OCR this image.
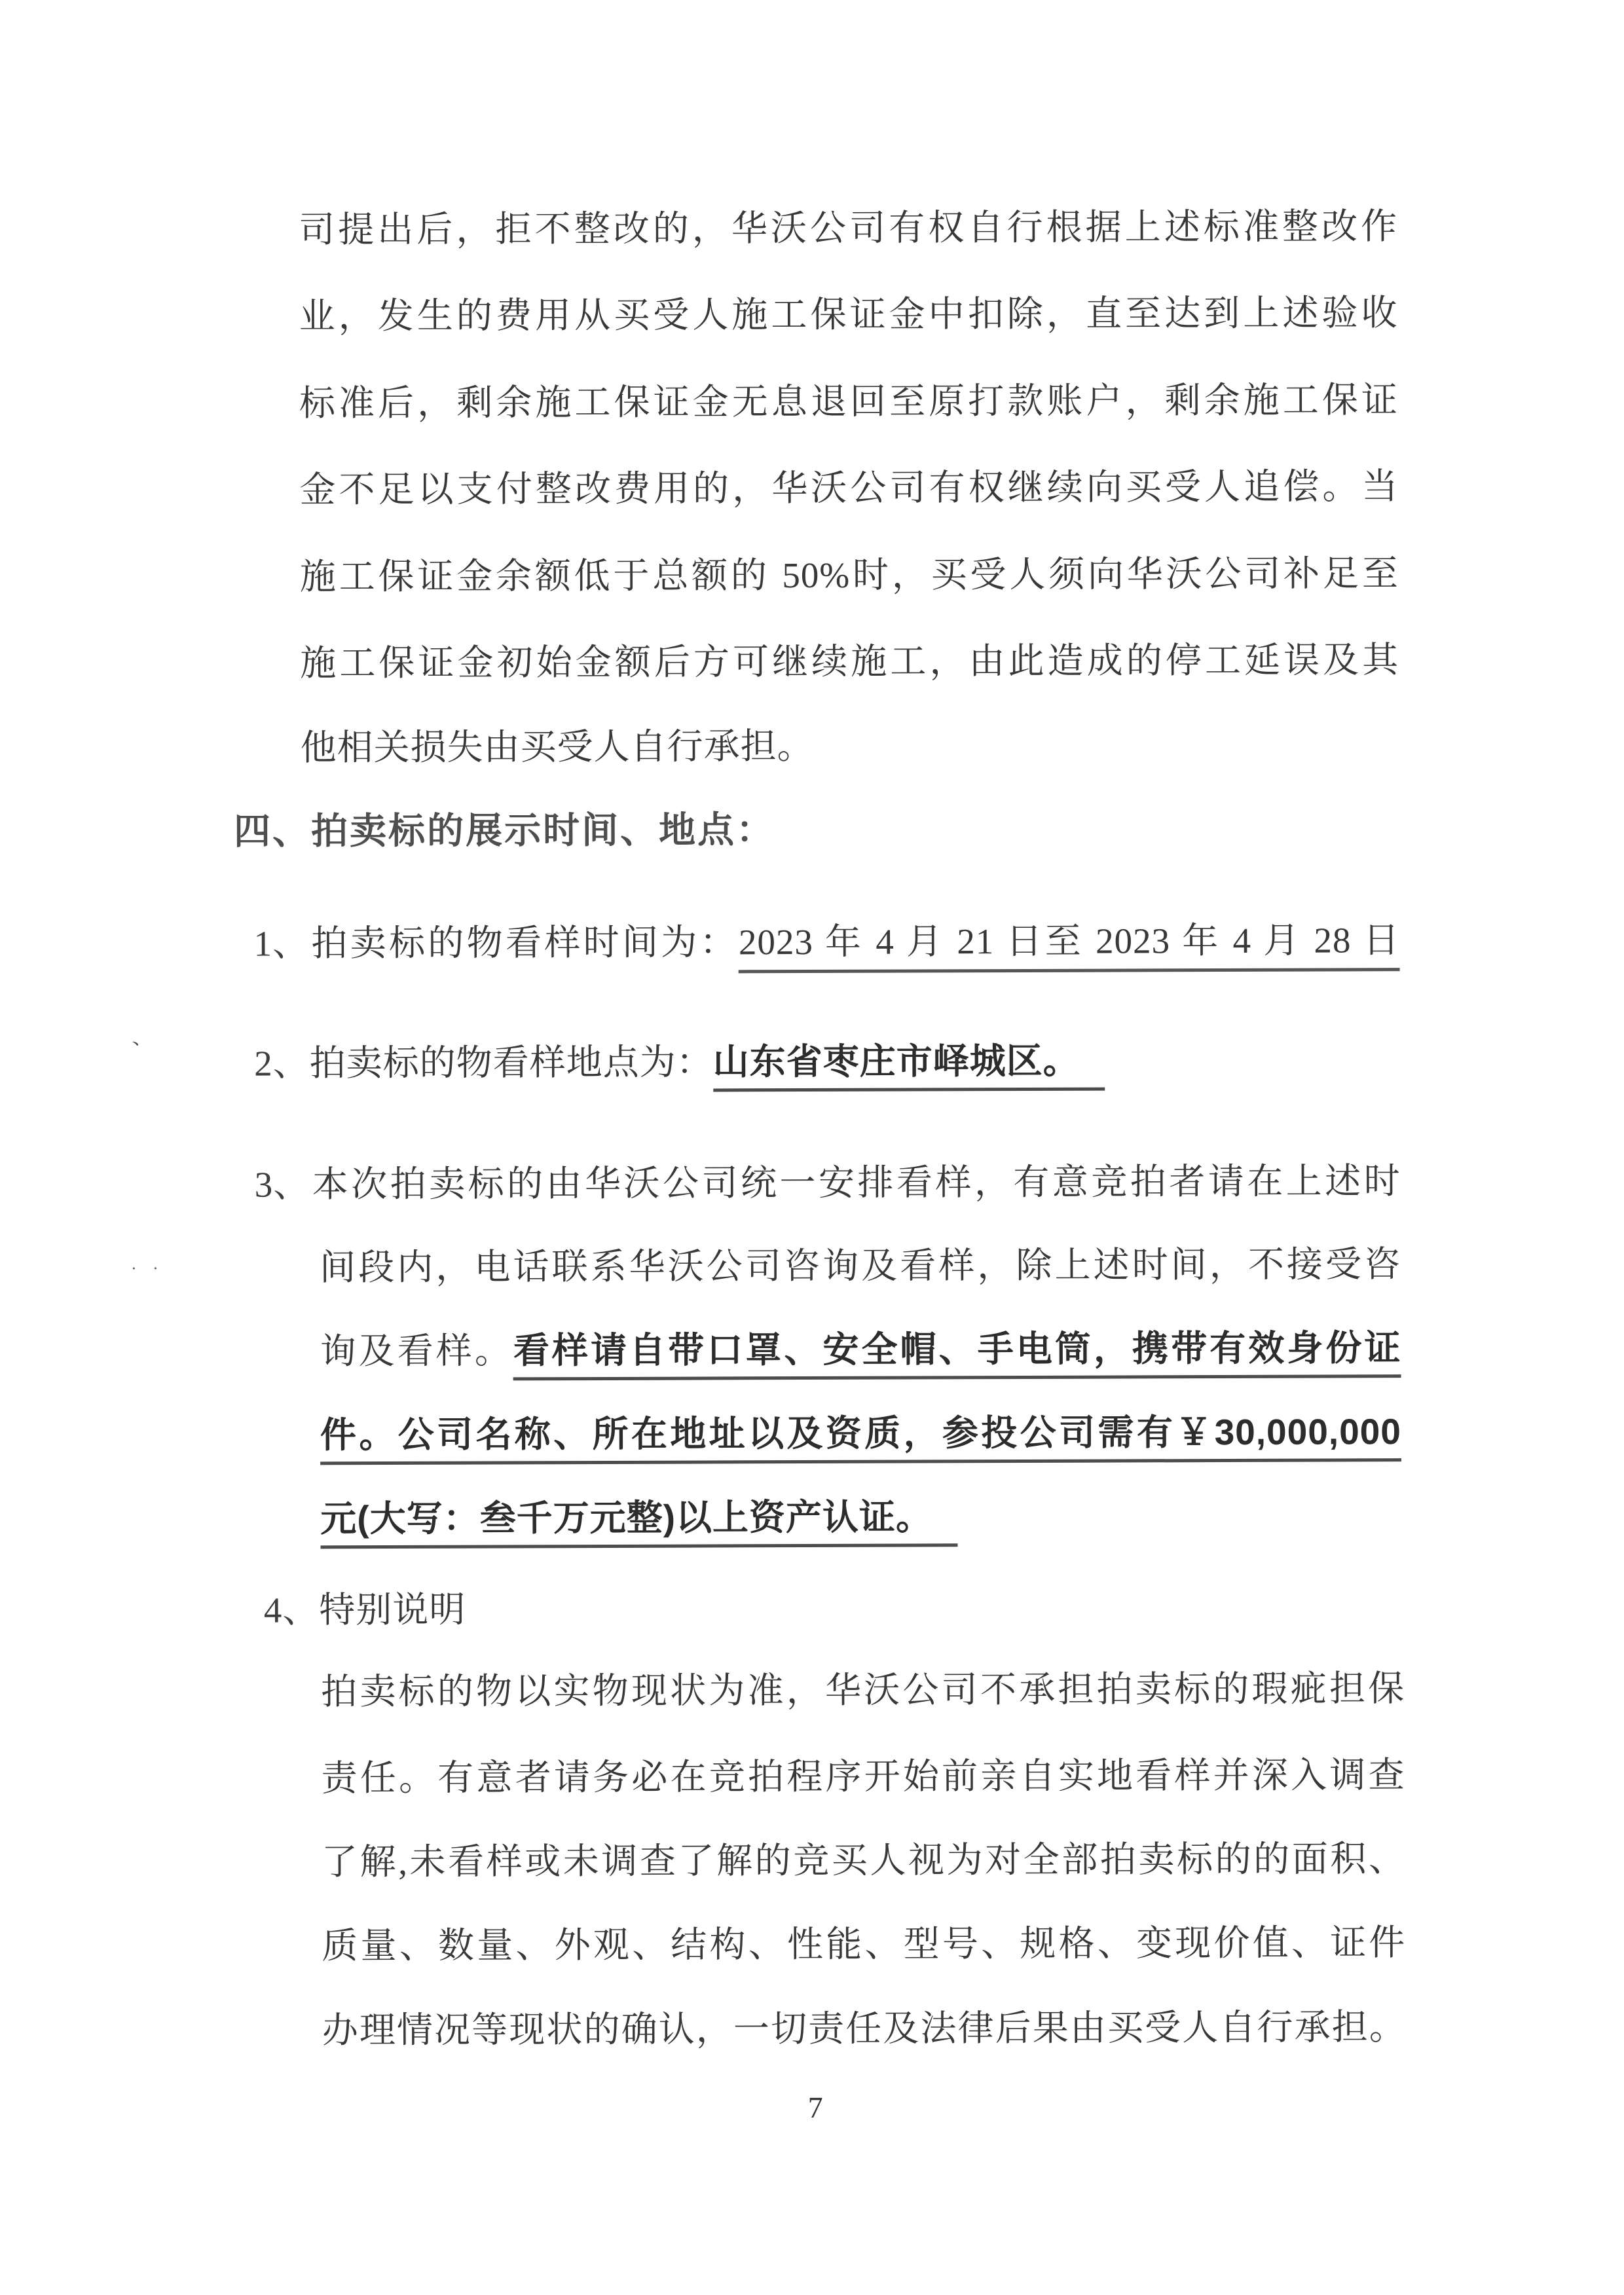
司提出后，拒不整改的，华沃公司有权自行根据上述标准整改作
业，发生的费用从买受人施工保证金中扣除，直至达到上述验收
标准后，剩余施工保证金无息退回至原打款账户，剩余施工保证
金不足以支付整改费用的，华沃公司有权继续向买受人追偿。当
施工保证金余额低于总额的 50%时，买受人须向华沃公司补足至
施工保证金初始金额后方可继续施工，由此造成的停工延误及其
他相关损失由买受人自行承担。
四、拍卖标的展示时间、地点：
1、拍卖标的物看样时间为：2023 年 4 月 21 日至 2023 年 4 月 28 日
2、拍卖标的物看样地点为：山东省枣庄市峄城区。
3、本次拍卖标的由华沃公司统一安排看样，有意竞拍者请在上述时
间段内，电话联系华沃公司咨询及看样，除上述时间，不接受咨
询及看样。看样请自带口罩、安全帽、手电筒，携带有效身份证
件。公司名称、所在地址以及资质，参投公司需有￥30,000,000
元(大写：叁千万元整)以上资产认证。
4、特别说明
拍卖标的物以实物现状为准，华沃公司不承担拍卖标的瑕疵担保
责任。有意者请务必在竞拍程序开始前亲自实地看样并深入调查
了解,未看样或未调查了解的竞买人视为对全部拍卖标的的面积、
质量、数量、外观、结构、性能、型号、规格、变现价值、证件
办理情况等现状的确认，一切责任及法律后果由买受人自行承担。
7
、
. .
